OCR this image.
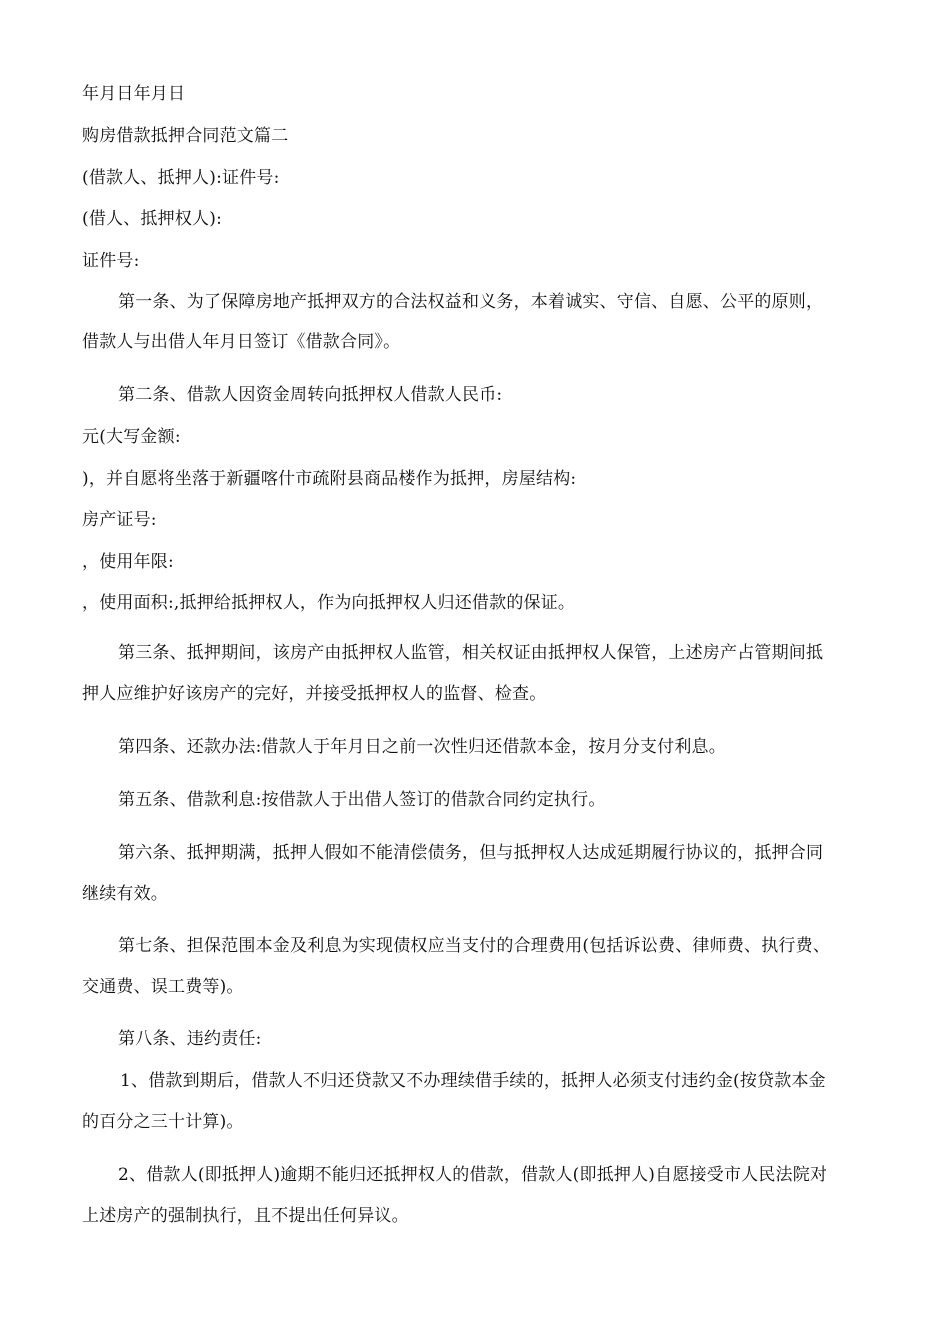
年月日年月日
购房借款抵押合同范文篇二
(借款人、抵押人):证件号:
(借人、抵押权人):
证件号:
第一条、为了保障房地产抵押双方的合法权益和义务，本着诚实、守信、自愿、公平的原则，
借款人与出借人年月日签订《借款合同》。
第二条、借款人因资金周转向抵押权人借款人民币:
元(大写金额:
)，并自愿将坐落于新疆喀什市疏附县商品楼作为抵押，房屋结构:
房产证号:
，使用年限:
，使用面积:,抵押给抵押权人，作为向抵押权人归还借款的保证。
第三条、抵押期间，该房产由抵押权人监管，相关权证由抵押权人保管，上述房产占管期间抵
押人应维护好该房产的完好，并接受抵押权人的监督、检查。
第四条、还款办法:借款人于年月日之前一次性归还借款本金，按月分支付利息。
第五条、借款利息:按借款人于出借人签订的借款合同约定执行。
第六条、抵押期满，抵押人假如不能清偿债务，但与抵押权人达成延期履行协议的，抵押合同
继续有效。
第七条、担保范围本金及利息为实现债权应当支付的合理费用(包括诉讼费、律师费、执行费、
交通费、误工费等)。
第八条、违约责任:
1、借款到期后，借款人不归还贷款又不办理续借手续的，抵押人必须支付违约金(按贷款本金
的百分之三十计算)。
2、借款人(即抵押人)逾期不能归还抵押权人的借款，借款人(即抵押人)自愿接受市人民法院对
上述房产的强制执行，且不提出任何异议。
